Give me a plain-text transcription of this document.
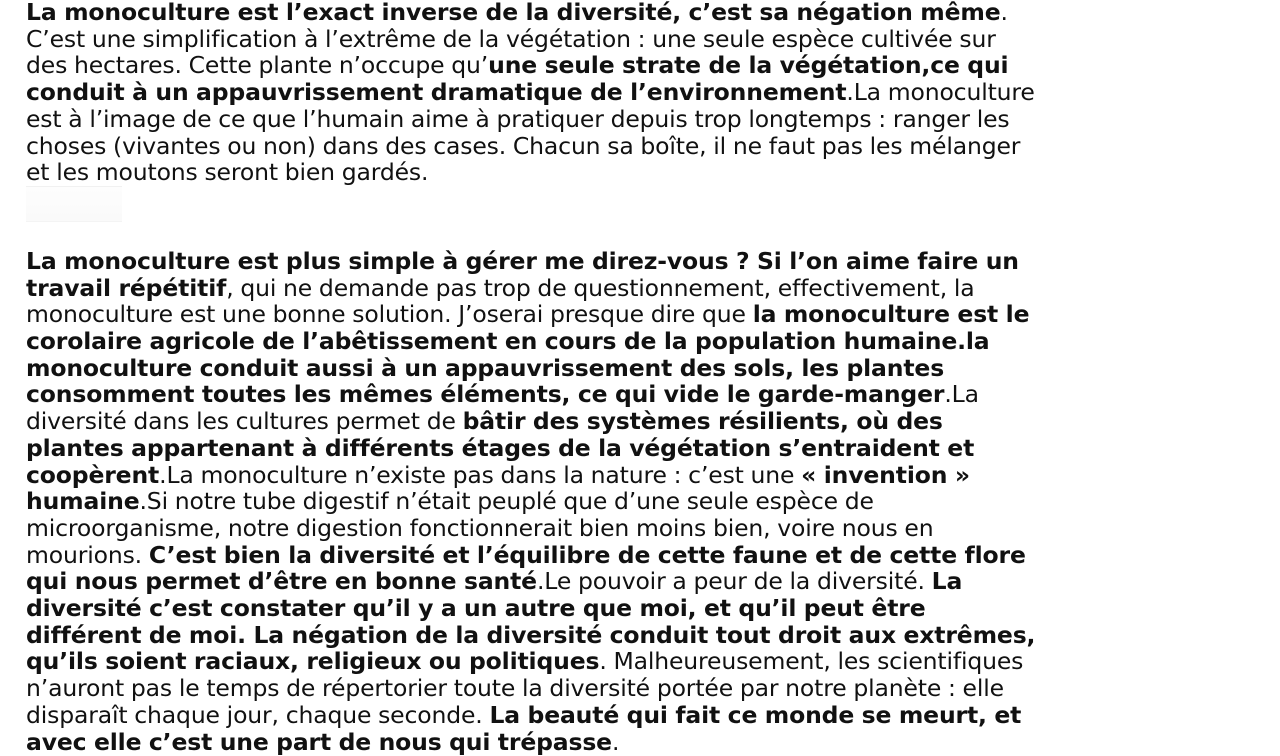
La monoculture est l’exact inverse de la diversité, c’est sa négation même. C’est une simplification à l’extrême de la végétation : une seule espèce cultivée sur des hectares. Cette plante n’occupe qu’une seule strate de la végétation,ce qui conduit à un appauvrissement dramatique de l’environnement.La monoculture est à l’image de ce que l’humain aime à pratiquer depuis trop longtemps : ranger les choses (vivantes ou non) dans des cases. Chacun sa boîte, il ne faut pas les mélanger et les moutons seront bien gardés.

La monoculture est plus simple à gérer me direz-vous ? Si l’on aime faire un travail répétitif, qui ne demande pas trop de questionnement, effectivement, la monoculture est une bonne solution. J’oserai presque dire que la monoculture est le corolaire agricole de l’abêtissement en cours de la population humaine.la monoculture conduit aussi à un appauvrissement des sols, les plantes consomment toutes les mêmes éléments, ce qui vide le garde-manger.La diversité dans les cultures permet de bâtir des systèmes résilients, où des plantes appartenant à différents étages de la végétation s’entraident et coopèrent.La monoculture n’existe pas dans la nature : c’est une « invention » humaine.Si notre tube digestif n’était peuplé que d’une seule espèce de microorganisme, notre digestion fonctionnerait bien moins bien, voire nous en mourions. C’est bien la diversité et l’équilibre de cette faune et de cette flore qui nous permet d’être en bonne santé.Le pouvoir a peur de la diversité. La diversité c’est constater qu’il y a un autre que moi, et qu’il peut être différent de moi. La négation de la diversité conduit tout droit aux extrêmes, qu’ils soient raciaux, religieux ou politiques. Malheureusement, les scientifiques n’auront pas le temps de répertorier toute la diversité portée par notre planète : elle disparaît chaque jour, chaque seconde. La beauté qui fait ce monde se meurt, et avec elle c’est une part de nous qui trépasse.
